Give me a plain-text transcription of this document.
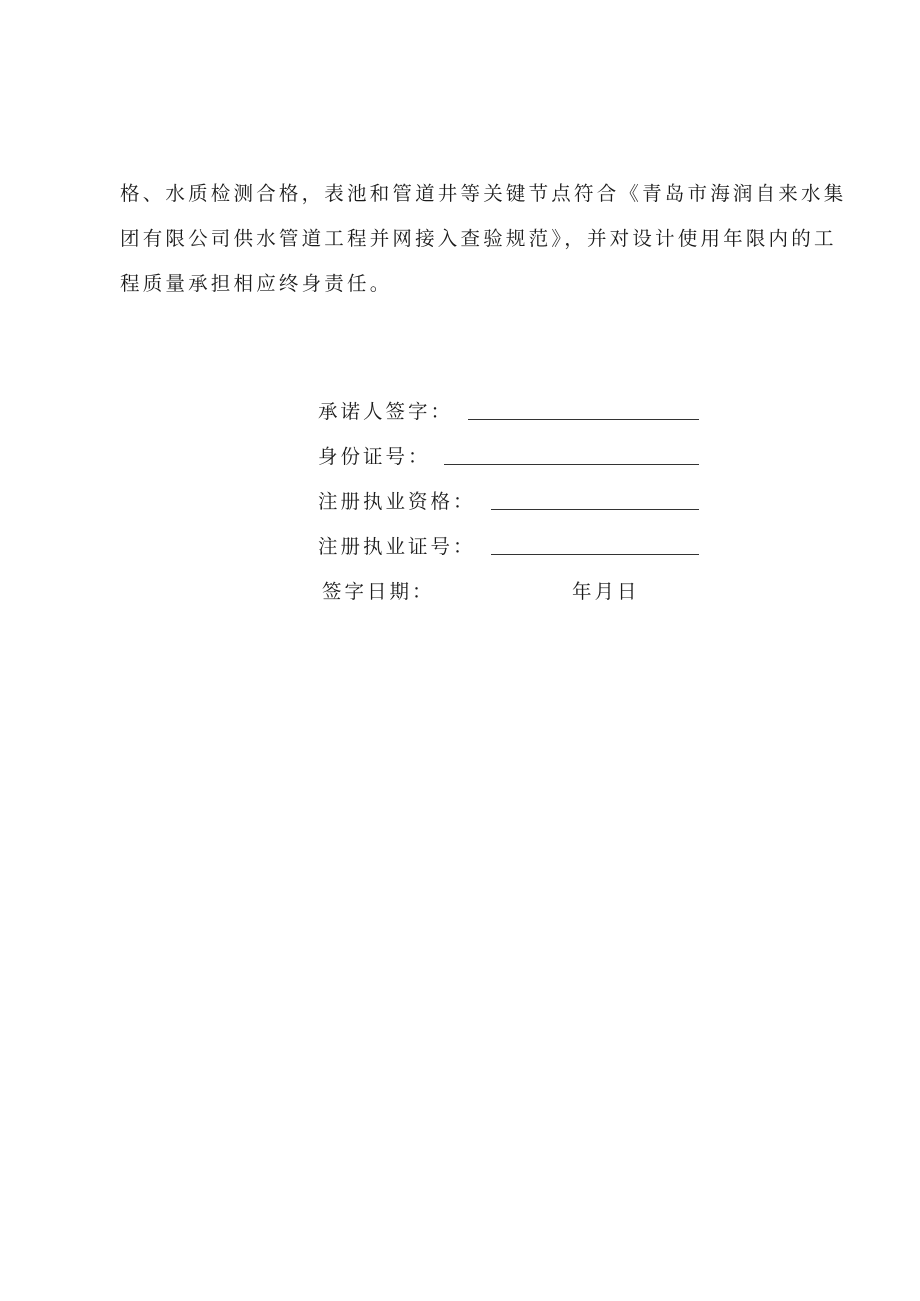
格、水质检测合格，表池和管道井等关键节点符合《青岛市海润自来水集
团有限公司供水管道工程并网接入查验规范》，并对设计使用年限内的工
程质量承担相应终身责任。
承诺人签字：
身份证号：
注册执业资格：
注册执业证号：
签字日期：	年月日
